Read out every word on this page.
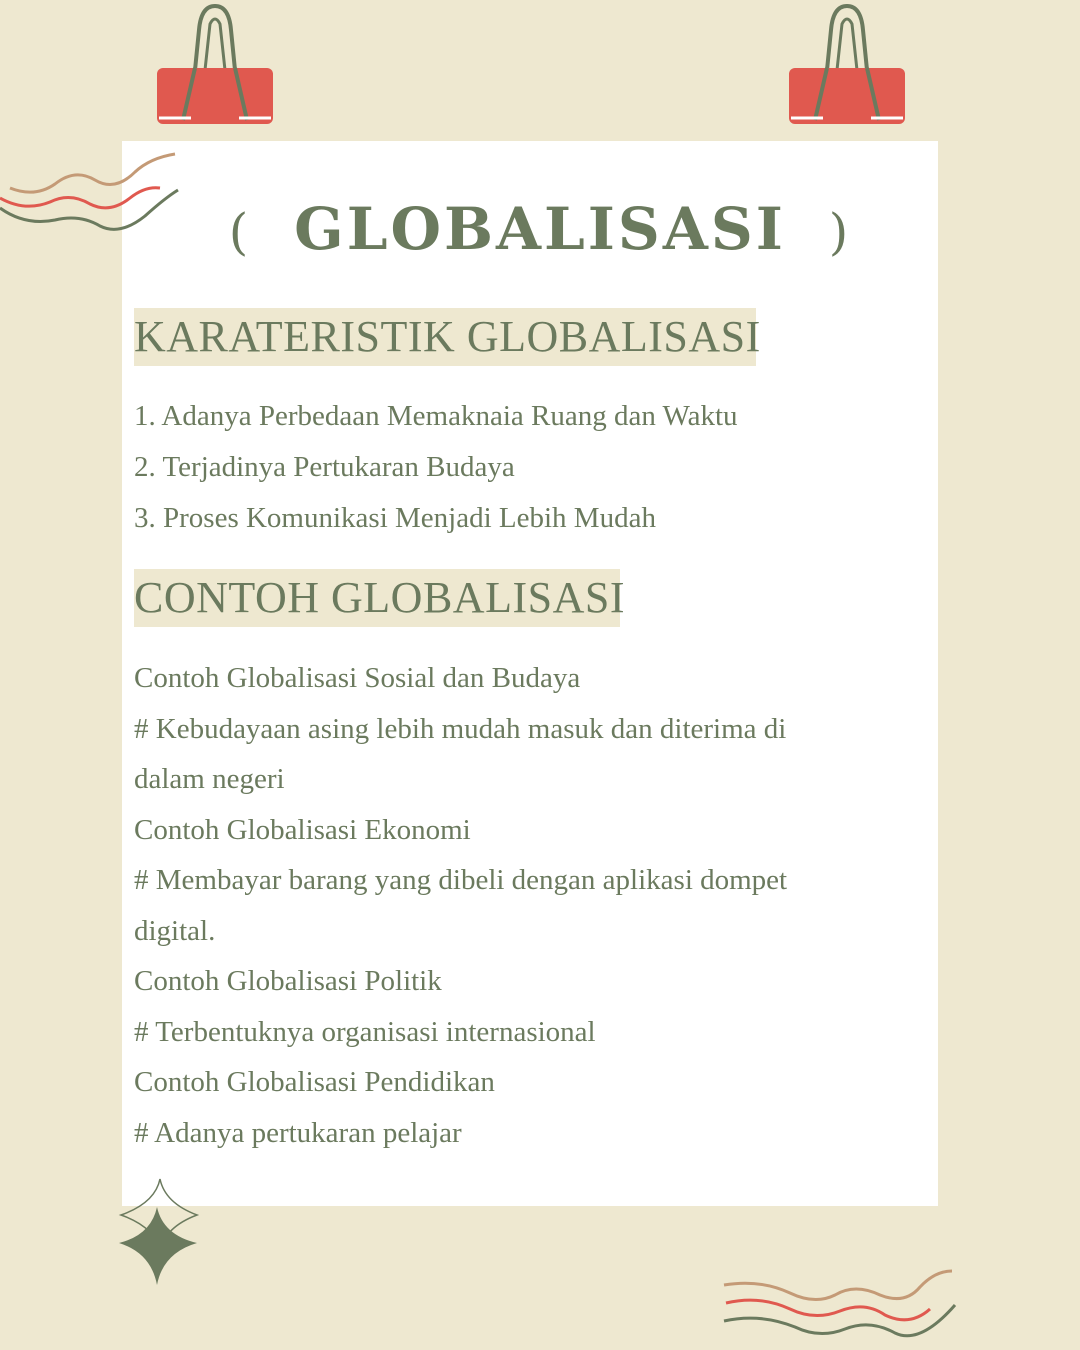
( GLOBALISASI )
KARATERISTIK GLOBALISASI
1. Adanya Perbedaan Memaknaia Ruang dan Waktu
2. Terjadinya Pertukaran Budaya
3. Proses Komunikasi Menjadi Lebih Mudah
CONTOH GLOBALISASI
Contoh Globalisasi Sosial dan Budaya
# Kebudayaan asing lebih mudah masuk dan diterima di
dalam negeri
Contoh Globalisasi Ekonomi
# Membayar barang yang dibeli dengan aplikasi dompet
digital.
Contoh Globalisasi Politik
# Terbentuknya organisasi internasional
Contoh Globalisasi Pendidikan
# Adanya pertukaran pelajar
